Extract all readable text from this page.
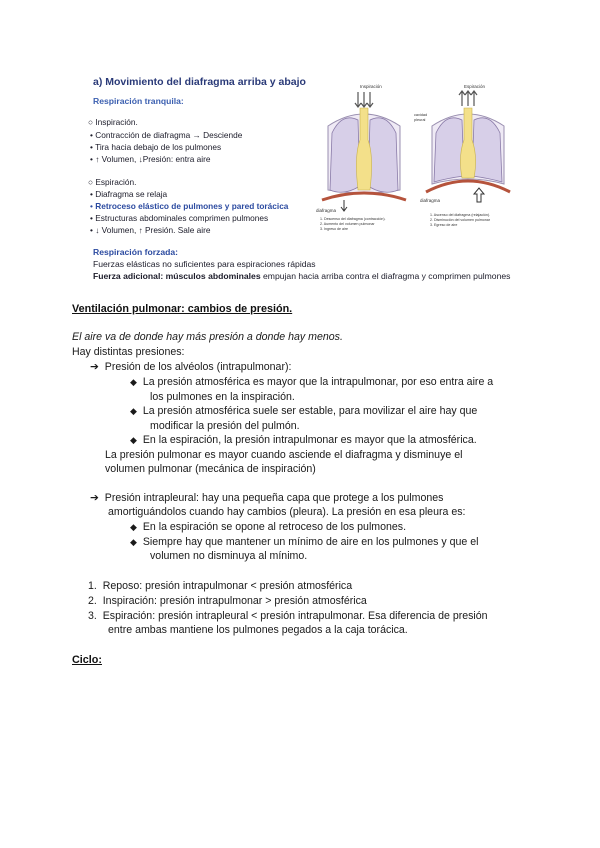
a) Movimiento del diafragma arriba y abajo
Respiración tranquila:
○ Inspiración.
• Contracción de diafragma → Desciende
• Tira hacia debajo de los pulmones
• ↑ Volumen, ↓Presión: entra aire
○ Espiración.
• Diafragma se relaja
• Retroceso elástico de pulmones y pared torácica
• Estructuras abdominales comprimen pulmones
• ↓ Volumen, ↑ Presión. Sale aire
Respiración forzada:
Fuerzas elásticas no suficientes para espiraciones rápidas
Fuerza adicional: músculos abdominales empujan hacia arriba contra el diafragma y comprimen pulmones
Inspiración
diafragma
1. Descenso del diafragma (contracción). 2. Aumento del volumen pulmonar 3. Ingreso de aire
Espiración
cavidad pleural
diafragma
1. Ascenso del diafragma (relajación). 2. Disminución del volumen pulmonar 3. Egreso de aire
Ventilación pulmonar: cambios de presión.
El aire va de donde hay más presión a donde hay menos.
Hay distintas presiones:
➔ Presión de los alvéolos (intrapulmonar):
◆ La presión atmosférica es mayor que la intrapulmonar, por eso entra aire a
los pulmones en la inspiración.
◆ La presión atmosférica suele ser estable, para movilizar el aire hay que
modificar la presión del pulmón.
◆ En la espiración, la presión intrapulmonar es mayor que la atmosférica.
La presión pulmonar es mayor cuando asciende el diafragma y disminuye el
volumen pulmonar (mecánica de inspiración)
➔ Presión intrapleural: hay una pequeña capa que protege a los pulmones
amortiguándolos cuando hay cambios (pleura). La presión en esa pleura es:
◆ En la espiración se opone al retroceso de los pulmones.
◆ Siempre hay que mantener un mínimo de aire en los pulmones y que el
volumen no disminuya al mínimo.
1. Reposo: presión intrapulmonar < presión atmosférica
2. Inspiración: presión intrapulmonar > presión atmosférica
3. Espiración: presión intrapleural < presión intrapulmonar. Esa diferencia de presión
entre ambas mantiene los pulmones pegados a la caja torácica.
Ciclo:
